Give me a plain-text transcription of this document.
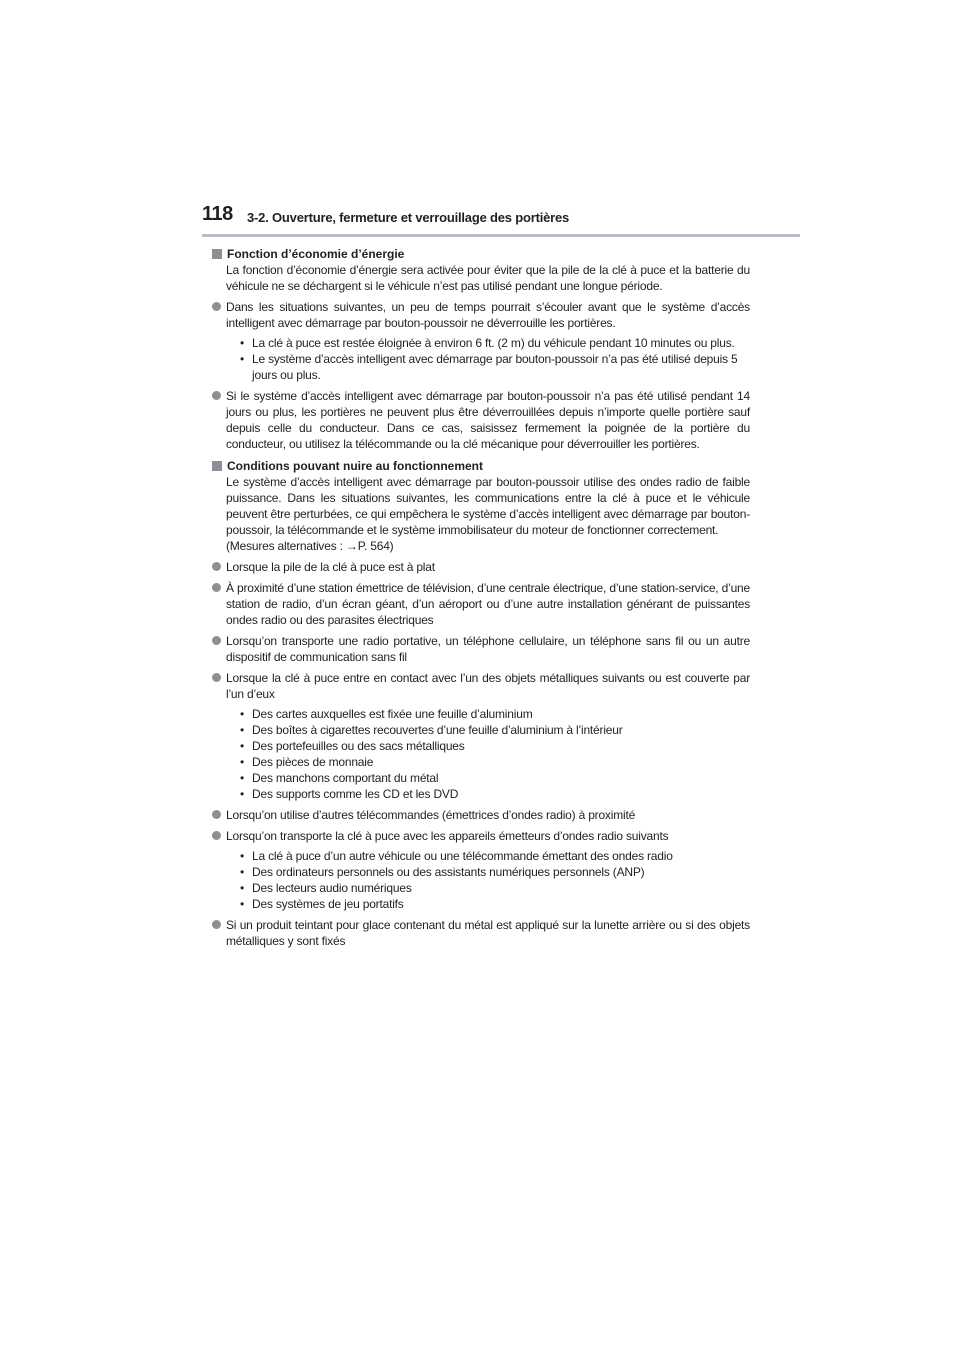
118 3-2. Ouverture, fermeture et verrouillage des portières
Fonction d’économie d’énergie
La fonction d’économie d’énergie sera activée pour éviter que la pile de la clé à puce et la batterie du véhicule ne se déchargent si le véhicule n’est pas utilisé pendant une longue période.
Dans les situations suivantes, un peu de temps pourrait s’écouler avant que le système d’accès intelligent avec démarrage par bouton-poussoir ne déverrouille les portières.
• La clé à puce est restée éloignée à environ 6 ft. (2 m) du véhicule pendant 10 minutes ou plus.
• Le système d’accès intelligent avec démarrage par bouton-poussoir n’a pas été utilisé depuis 5 jours ou plus.
Si le système d’accès intelligent avec démarrage par bouton-poussoir n’a pas été utilisé pendant 14 jours ou plus, les portières ne peuvent plus être déverrouillées depuis n’importe quelle portière sauf depuis celle du conducteur. Dans ce cas, saisissez fermement la poignée de la portière du conducteur, ou utilisez la télécommande ou la clé mécanique pour déverrouiller les portières.
Conditions pouvant nuire au fonctionnement
Le système d’accès intelligent avec démarrage par bouton-poussoir utilise des ondes radio de faible puissance. Dans les situations suivantes, les communications entre la clé à puce et le véhicule peuvent être perturbées, ce qui empêchera le système d’accès intelligent avec démarrage par bouton-poussoir, la télécommande et le système immobilisateur du moteur de fonctionner correctement.
(Mesures alternatives : →P. 564)
Lorsque la pile de la clé à puce est à plat
À proximité d’une station émettrice de télévision, d’une centrale électrique, d’une station-service, d’une station de radio, d’un écran géant, d’un aéroport ou d’une autre installation générant de puissantes ondes radio ou des parasites électriques
Lorsqu’on transporte une radio portative, un téléphone cellulaire, un téléphone sans fil ou un autre dispositif de communication sans fil
Lorsque la clé à puce entre en contact avec l’un des objets métalliques suivants ou est couverte par l’un d’eux
• Des cartes auxquelles est fixée une feuille d’aluminium
• Des boîtes à cigarettes recouvertes d’une feuille d’aluminium à l’intérieur
• Des portefeuilles ou des sacs métalliques
• Des pièces de monnaie
• Des manchons comportant du métal
• Des supports comme les CD et les DVD
Lorsqu’on utilise d’autres télécommandes (émettrices d’ondes radio) à proximité
Lorsqu’on transporte la clé à puce avec les appareils émetteurs d’ondes radio suivants
• La clé à puce d’un autre véhicule ou une télécommande émettant des ondes radio
• Des ordinateurs personnels ou des assistants numériques personnels (ANP)
• Des lecteurs audio numériques
• Des systèmes de jeu portatifs
Si un produit teintant pour glace contenant du métal est appliqué sur la lunette arrière ou si des objets métalliques y sont fixés
